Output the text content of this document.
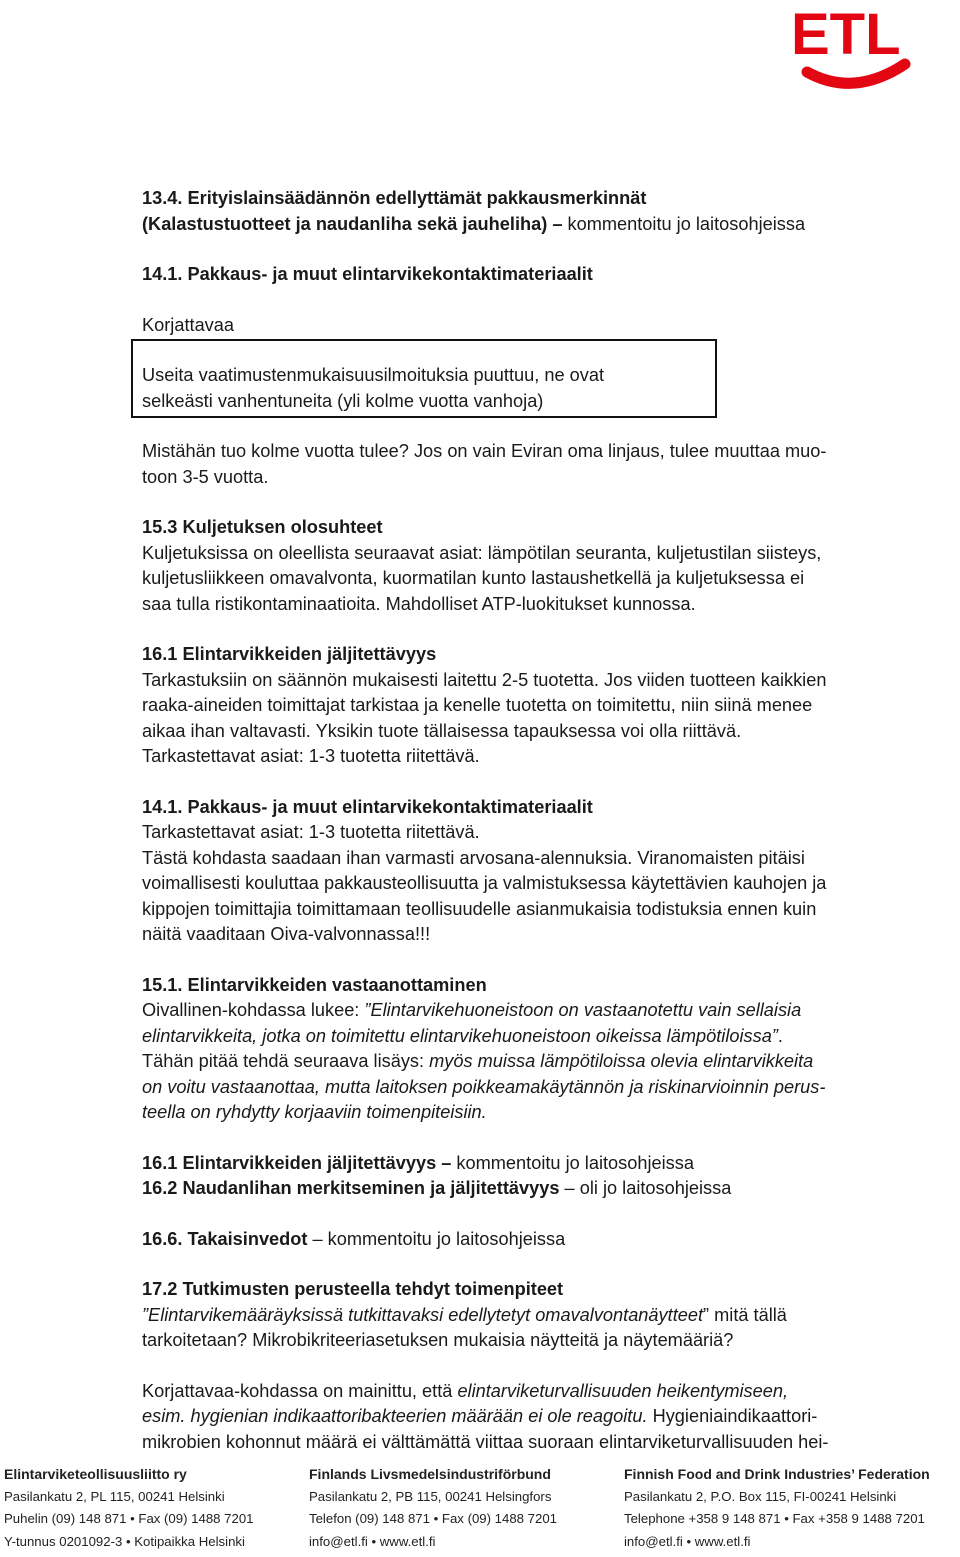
ETL
13.4. Erityislainsäädännön edellyttämät pakkausmerkinnät
(Kalastustuotteet ja naudanliha sekä jauheliha) – kommentoitu jo laitosohjeissa
14.1. Pakkaus- ja muut elintarvikekontaktimateriaalit
Korjattavaa
Useita vaatimustenmukaisuusilmoituksia puuttuu, ne ovat
selkeästi vanhentuneita (yli kolme vuotta vanhoja)
Mistähän tuo kolme vuotta tulee? Jos on vain Eviran oma linjaus, tulee muuttaa muo-
toon 3-5 vuotta.
15.3 Kuljetuksen olosuhteet
Kuljetuksissa on oleellista seuraavat asiat: lämpötilan seuranta, kuljetustilan siisteys,
kuljetusliikkeen omavalvonta, kuormatilan kunto lastaushetkellä ja kuljetuksessa ei
saa tulla ristikontaminaatioita. Mahdolliset ATP-luokitukset kunnossa.
16.1 Elintarvikkeiden jäljitettävyys
Tarkastuksiin on säännön mukaisesti laitettu 2-5 tuotetta. Jos viiden tuotteen kaikkien
raaka-aineiden toimittajat tarkistaa ja kenelle tuotetta on toimitettu, niin siinä menee
aikaa ihan valtavasti. Yksikin tuote tällaisessa tapauksessa voi olla riittävä.
Tarkastettavat asiat: 1-3 tuotetta riitettävä.
14.1. Pakkaus- ja muut elintarvikekontaktimateriaalit
Tarkastettavat asiat: 1-3 tuotetta riitettävä.
Tästä kohdasta saadaan ihan varmasti arvosana-alennuksia. Viranomaisten pitäisi
voimallisesti kouluttaa pakkausteollisuutta ja valmistuksessa käytettävien kauhojen ja
kippojen toimittajia toimittamaan teollisuudelle asianmukaisia todistuksia ennen kuin
näitä vaaditaan Oiva-valvonnassa!!!
15.1. Elintarvikkeiden vastaanottaminen
Oivallinen-kohdassa lukee: ”Elintarvikehuoneistoon on vastaanotettu vain sellaisia
elintarvikkeita, jotka on toimitettu elintarvikehuoneistoon oikeissa lämpötiloissa”.
Tähän pitää tehdä seuraava lisäys: myös muissa lämpötiloissa olevia elintarvikkeita
on voitu vastaanottaa, mutta laitoksen poikkeamakäytännön ja riskinarvioinnin perus-
teella on ryhdytty korjaaviin toimenpiteisiin.
16.1 Elintarvikkeiden jäljitettävyys – kommentoitu jo laitosohjeissa
16.2 Naudanlihan merkitseminen ja jäljitettävyys – oli jo laitosohjeissa
16.6. Takaisinvedot – kommentoitu jo laitosohjeissa
17.2 Tutkimusten perusteella tehdyt toimenpiteet
”Elintarvikemääräyksissä tutkittavaksi edellytetyt omavalvontanäytteet” mitä tällä
tarkoitetaan? Mikrobikriteeriasetuksen mukaisia näytteitä ja näytemääriä?
Korjattavaa-kohdassa on mainittu, että elintarviketurvallisuuden heikentymiseen,
esim. hygienian indikaattoribakteerien määrään ei ole reagoitu. Hygieniaindikaattori-
mikrobien kohonnut määrä ei välttämättä viittaa suoraan elintarviketurvallisuuden hei-
Elintarviketeollisuusliitto ry
Pasilankatu 2, PL 115, 00241 Helsinki
Puhelin (09) 148 871 • Fax (09) 1488 7201
Y-tunnus 0201092-3 • Kotipaikka Helsinki
Finlands Livsmedelsindustriförbund
Pasilankatu 2, PB 115, 00241 Helsingfors
Telefon (09) 148 871 • Fax (09) 1488 7201
info@etl.fi • www.etl.fi
Finnish Food and Drink Industries’ Federation
Pasilankatu 2, P.O. Box 115, FI-00241 Helsinki
Telephone +358 9 148 871 • Fax +358 9 1488 7201
info@etl.fi • www.etl.fi
